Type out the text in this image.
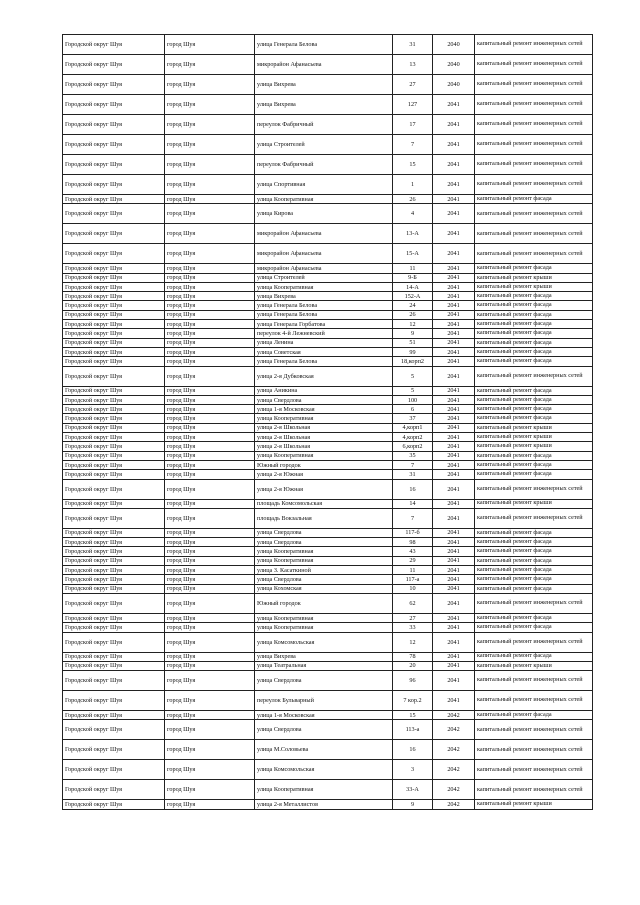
Городской округ Шуя	город Шуя	улица Генерала Белова	31	2040	капитальный ремонт инженерных сетей
Городской округ Шуя	город Шуя	микрорайон Афанасьева	13	2040	капитальный ремонт инженерных сетей
Городской округ Шуя	город Шуя	улица Вихрева	27	2040	капитальный ремонт инженерных сетей
Городской округ Шуя	город Шуя	улица Вихрева	127	2041	капитальный ремонт инженерных сетей
Городской округ Шуя	город Шуя	переулок Фабричный	17	2041	капитальный ремонт инженерных сетей
Городской округ Шуя	город Шуя	улица Строителей	7	2041	капитальный ремонт инженерных сетей
Городской округ Шуя	город Шуя	переулок Фабричный	15	2041	капитальный ремонт инженерных сетей
Городской округ Шуя	город Шуя	улица Спортивная	1	2041	капитальный ремонт инженерных сетей
Городской округ Шуя	город Шуя	улица Кооперативная	26	2041	капитальный ремонт фасада
Городской округ Шуя	город Шуя	улица Кирова	4	2041	капитальный ремонт инженерных сетей
Городской округ Шуя	город Шуя	микрорайон Афанасьева	13-А	2041	капитальный ремонт инженерных сетей
Городской округ Шуя	город Шуя	микрорайон Афанасьева	15-А	2041	капитальный ремонт инженерных сетей
Городской округ Шуя	город Шуя	микрорайон Афанасьева	11	2041	капитальный ремонт фасада
Городской округ Шуя	город Шуя	улица Строителей	9-Б	2041	капитальный ремонт крыши
Городской округ Шуя	город Шуя	улица Кооперативная	14-А	2041	капитальный ремонт крыши
Городской округ Шуя	город Шуя	улица Вихрева	152-А	2041	капитальный ремонт фасада
Городской округ Шуя	город Шуя	улица Генерала Белова	24	2041	капитальный ремонт фасада
Городской округ Шуя	город Шуя	улица Генерала Белова	26	2041	капитальный ремонт фасада
Городской округ Шуя	город Шуя	улица Генерала Горбатова	12	2041	капитальный ремонт фасада
Городской округ Шуя	город Шуя	переулок 4-й Лежневский	9	2041	капитальный ремонт фасада
Городской округ Шуя	город Шуя	улица Ленина	51	2041	капитальный ремонт фасада
Городской округ Шуя	город Шуя	улица Советская	99	2041	капитальный ремонт фасада
Городской округ Шуя	город Шуя	улица Генерала Белова	18,корп2	2041	капитальный ремонт фасада
Городской округ Шуя	город Шуя	улица 2-я Дубковская	5	2041	капитальный ремонт инженерных сетей
Городской округ Шуя	город Шуя	улица Аникина	5	2041	капитальный ремонт фасада
Городской округ Шуя	город Шуя	улица Свердлова	100	2041	капитальный ремонт фасада
Городской округ Шуя	город Шуя	улица 1-я Московская	6	2041	капитальный ремонт фасада
Городской округ Шуя	город Шуя	улица Кооперативная	37	2041	капитальный ремонт фасада
Городской округ Шуя	город Шуя	улица 2-я Школьная	4,корп1	2041	капитальный ремонт крыши
Городской округ Шуя	город Шуя	улица 2-я Школьная	4,корп2	2041	капитальный ремонт крыши
Городской округ Шуя	город Шуя	улица 2-я Школьная	6,корп2	2041	капитальный ремонт крыши
Городской округ Шуя	город Шуя	улица Кооперативная	35	2041	капитальный ремонт фасада
Городской округ Шуя	город Шуя	Южный городок	7	2041	капитальный ремонт фасада
Городской округ Шуя	город Шуя	улица 2-я Южная	31	2041	капитальный ремонт фасада
Городской округ Шуя	город Шуя	улица 2-я Южная	16	2041	капитальный ремонт инженерных сетей
Городской округ Шуя	город Шуя	площадь Комсомольская	14	2041	капитальный ремонт крыши
Городской округ Шуя	город Шуя	площадь Вокзальная	7	2041	капитальный ремонт инженерных сетей
Городской округ Шуя	город Шуя	улица Свердлова	117-б	2041	капитальный ремонт фасада
Городской округ Шуя	город Шуя	улица Свердлова	98	2041	капитальный ремонт фасада
Городской округ Шуя	город Шуя	улица Кооперативная	43	2041	капитальный ремонт фасада
Городской округ Шуя	город Шуя	улица Кооперативная	29	2041	капитальный ремонт фасада
Городской округ Шуя	город Шуя	улица З. Касаткиной	11	2041	капитальный ремонт фасада
Городской округ Шуя	город Шуя	улица Свердлова	117-а	2041	капитальный ремонт фасада
Городской округ Шуя	город Шуя	улица Кохомская	10	2041	капитальный ремонт фасада
Городской округ Шуя	город Шуя	Южный городок	62	2041	капитальный ремонт инженерных сетей
Городской округ Шуя	город Шуя	улица Кооперативная	27	2041	капитальный ремонт фасада
Городской округ Шуя	город Шуя	улица Кооперативная	33	2041	капитальный ремонт фасада
Городской округ Шуя	город Шуя	улица Комсомольская	12	2041	капитальный ремонт инженерных сетей
Городской округ Шуя	город Шуя	улица Вихрева	78	2041	капитальный ремонт фасада
Городской округ Шуя	город Шуя	улица Театральная	20	2041	капитальный ремонт крыши
Городской округ Шуя	город Шуя	улица Свердлова	96	2041	капитальный ремонт инженерных сетей
Городской округ Шуя	город Шуя	переулок Бульварный	7 кор.2	2041	капитальный ремонт инженерных сетей
Городской округ Шуя	город Шуя	улица 1-я Московская	15	2042	капитальный ремонт фасада
Городской округ Шуя	город Шуя	улица Свердлова	113-а	2042	капитальный ремонт инженерных сетей
Городской округ Шуя	город Шуя	улица М.Соловьева	16	2042	капитальный ремонт инженерных сетей
Городской округ Шуя	город Шуя	улица Комсомольская	3	2042	капитальный ремонт инженерных сетей
Городской округ Шуя	город Шуя	улица Кооперативная	33-А	2042	капитальный ремонт инженерных сетей
Городской округ Шуя	город Шуя	улица 2-я Металлистов	9	2042	капитальный ремонт крыши
